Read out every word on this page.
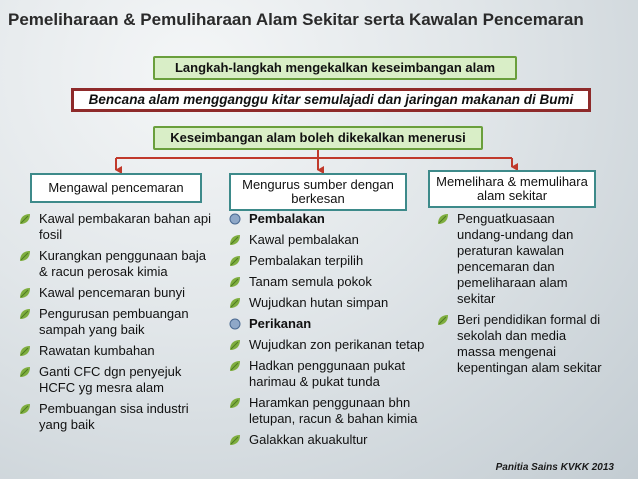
Pemeliharaan & Pemuliharaan Alam Sekitar serta Kawalan Pencemaran
Langkah-langkah mengekalkan keseimbangan alam
Bencana alam mengganggu kitar semulajadi dan jaringan makanan di Bumi
Keseimbangan alam boleh dikekalkan menerusi
Mengawal pencemaran	Mengurus sumber dengan berkesan
Memelihara & memulihara alam sekitar
Kawal pembakaran bahan api fosil
Kurangkan penggunaan baja & racun perosak kimia
Kawal pencemaran bunyi
Pengurusan pembuangan sampah yang baik
Rawatan kumbahan
Ganti CFC dgn penyejuk HCFC yg mesra alam
Pembuangan sisa industri yang baik
Pembalakan
Kawal pembalakan
Pembalakan terpilih
Tanam semula pokok
Wujudkan hutan simpan
Perikanan
Wujudkan zon perikanan tetap
Hadkan penggunaan pukat harimau & pukat tunda
Haramkan penggunaan bhn letupan, racun & bahan kimia
Galakkan akuakultur
Penguatkuasaan undang-undang dan peraturan kawalan pencemaran dan pemeliharaan alam sekitar
Beri pendidikan formal di sekolah dan media massa mengenai kepentingan alam sekitar
Panitia Sains KVKK 2013
